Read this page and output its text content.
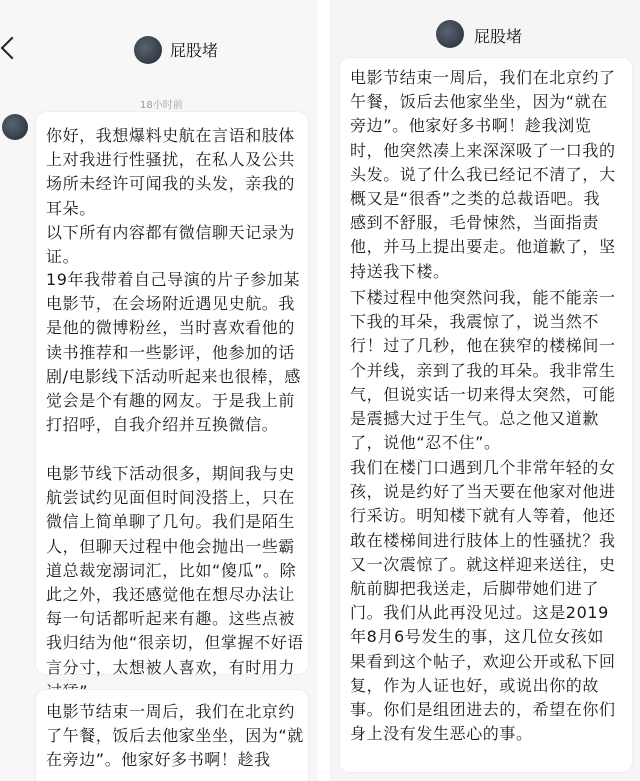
屁股堵
18小时前

你好，我想爆料史航在言语和肢体上对我进行性骚扰，在私人及公共场所未经许可闻我的头发，亲我的耳朵。
以下所有内容都有微信聊天记录为证。

19年我带着自己导演的片子参加某电影节，在会场附近遇见史航。我是他的微博粉丝，当时喜欢看他的读书推荐和一些影评，他参加的话剧/电影线下活动听起来也很棒，感觉会是个有趣的网友。于是我上前打招呼，自我介绍并互换微信。

电影节线下活动很多，期间我与史航尝试约见面但时间没搭上，只在微信上简单聊了几句。我们是陌生人，但聊天过程中他会抛出一些霸道总裁宠溺词汇，比如“傻瓜”。除此之外，我还感觉他在想尽办法让每一句话都听起来有趣。这些点被我归结为他“很亲切，但掌握不好语言分寸，太想被人喜欢，有时用力

电影节结束一周后，我们在北京约了午餐，饭后去他家坐坐，因为“就在旁边”。他家好多书啊！趁我

屁股堵

电影节结束一周后，我们在北京约了午餐，饭后去他家坐坐，因为“就在旁边”。他家好多书啊！趁我浏览时，他突然凑上来深深吸了一口我的头发。说了什么我已经记不清了，大概又是“很香”之类的总裁语吧。我感到不舒服，毛骨悚然，当面指责他，并马上提出要走。他道歉了，坚持送我下楼。

下楼过程中他突然问我，能不能亲一下我的耳朵，我震惊了，说当然不行！过了几秒，他在狭窄的楼梯间一个并线，亲到了我的耳朵。我非常生气，但说实话一切来得太突然，可能是震撼大过于生气。总之他又道歉了，说他“忍不住”。

我们在楼门口遇到几个非常年轻的女孩，说是约好了当天要在他家对他进行采访。明知楼下就有人等着，他还敢在楼梯间进行肢体上的性骚扰？我又一次震惊了。就这样迎来送往，史航前脚把我送走，后脚带她们进了门。我们从此再没见过。这是2019年8月6号发生的事，这几位女孩如果看到这个帖子，欢迎公开或私下回复，作为人证也好，或说出你的故事。你们是组团进去的，希望在你们身上没有发生恶心的事。
